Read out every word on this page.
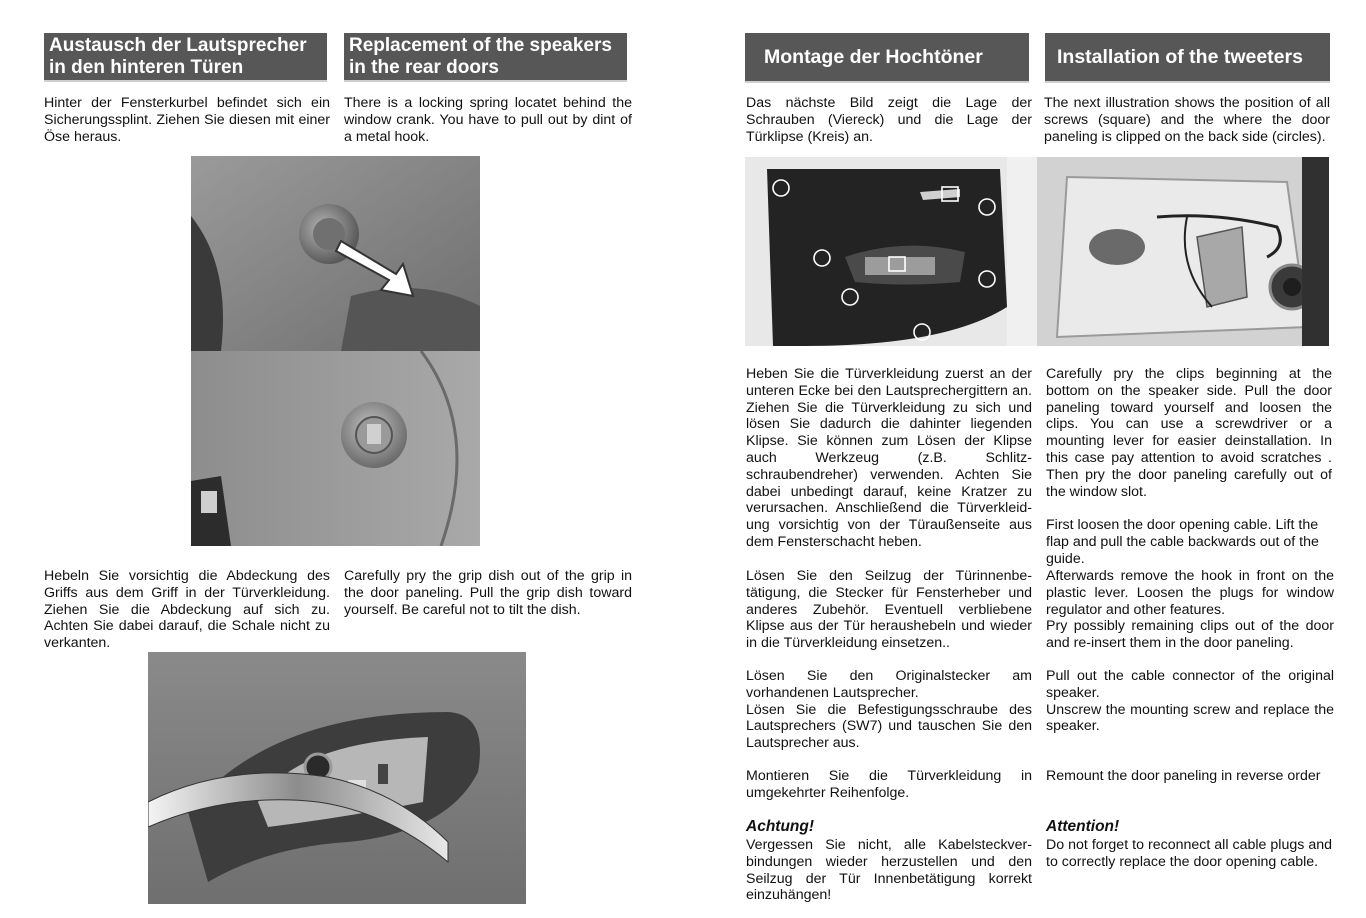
Austausch der Lautsprecher
in den hinteren Türen
Replacement of the speakers
in the rear doors

Hinter der Fensterkurbel befindet sich ein Sicherungssplint. Ziehen Sie diesen mit einer Öse heraus.

There is a locking spring locatet behind the window crank. You have to pull out by dint of a metal hook.

Hebeln Sie vorsichtig die Abdeckung des Griffs aus dem Griff in der Türverkleidung. Ziehen Sie die Abdeckung auf sich zu. Achten Sie dabei darauf, die Schale nicht zu verkanten.

Carefully pry the grip dish out of the grip in the door paneling. Pull the grip dish toward yourself. Be careful not to tilt the dish.

Montage der Hochtöner	Installation of the tweeters

Das nächste Bild zeigt die Lage der Schrauben (Viereck) und die Lage der Türklipse (Kreis) an.

The next illustration shows the position of all screws (square) and the where the door paneling is clipped on the back side (circles).

Heben Sie die Türverkleidung zuerst an der unteren Ecke bei den Lautsprechergittern an. Ziehen Sie die Türverkleidung zu sich und lösen Sie dadurch die dahinter liegenden Klipse. Sie können zum Lösen der Klipse auch Werkzeug (z.B. Schlitz-schraubendreher) verwenden. Achten Sie dabei unbedingt darauf, keine Kratzer zu verursachen. Anschließend die Türverkleid-ung vorsichtig von der Türaußenseite aus dem Fensterschacht heben.

Carefully pry the clips beginning at the bottom on the speaker side. Pull the door paneling toward yourself and loosen the clips. You can use a screwdriver or a mounting lever for easier deinstallation. In this case pay attention to avoid scratches . Then pry the door paneling carefully out of the window slot.

First loosen the door opening cable. Lift the flap and pull the cable backwards out of the guide.

Lösen Sie den Seilzug der Türinnenbe-tätigung, die Stecker für Fensterheber und anderes Zubehör. Eventuell verbliebene Klipse aus der Tür heraushebeln und wieder in die Türverkleidung einsetzen..

Afterwards remove the hook in front on the plastic lever. Loosen the plugs for window regulator and other features.
Pry possibly remaining clips out of the door and re-insert them in the door paneling.

Lösen Sie den Originalstecker am vorhandenen Lautsprecher.
Lösen Sie die Befestigungsschraube des Lautsprechers (SW7) und tauschen Sie den Lautsprecher aus.

Pull out the cable connector of the original speaker.
Unscrew the mounting screw and replace the speaker.

Montieren Sie die Türverkleidung in umgekehrter Reihenfolge.

Remount the door paneling in reverse order

Achtung!	Attention!

Vergessen Sie nicht, alle Kabelsteckver-bindungen wieder herzustellen und den Seilzug der Tür Innenbetätigung korrekt einzuhängen!

Do not forget to reconnect all cable plugs and to correctly replace the door opening cable.
